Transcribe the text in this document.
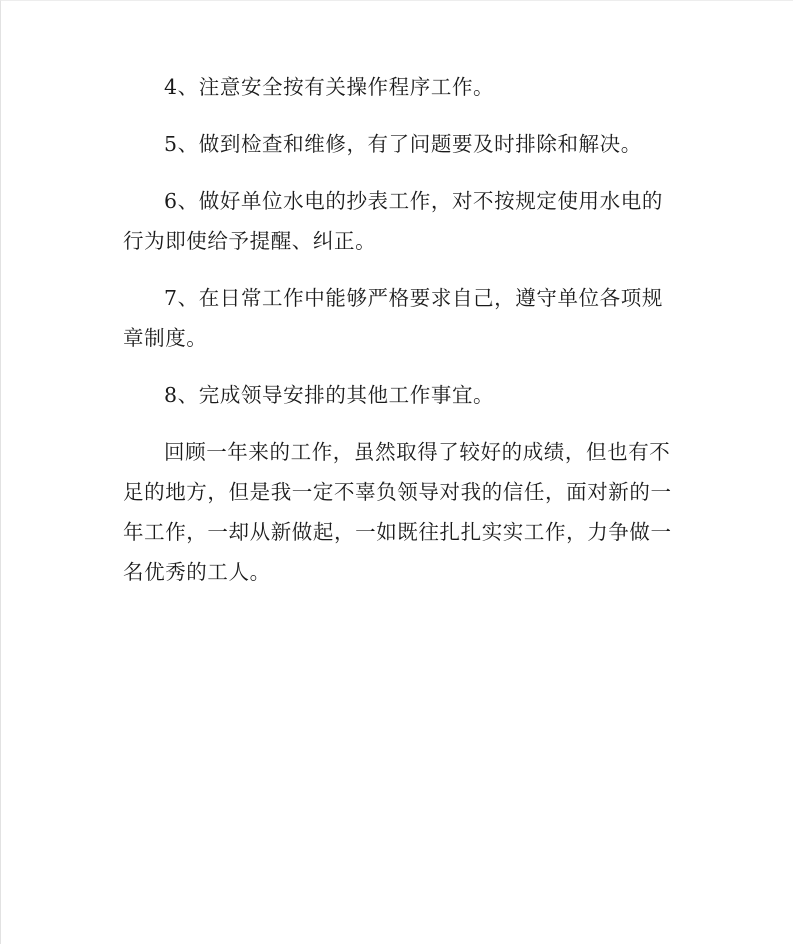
4、注意安全按有关操作程序工作。

5、做到检查和维修，有了问题要及时排除和解决。

6、做好单位水电的抄表工作，对不按规定使用水电的行为即使给予提醒、纠正。

7、在日常工作中能够严格要求自己，遵守单位各项规章制度。

8、完成领导安排的其他工作事宜。

回顾一年来的工作，虽然取得了较好的成绩，但也有不足的地方，但是我一定不辜负领导对我的信任，面对新的一年工作，一却从新做起，一如既往扎扎实实工作，力争做一名优秀的工人。
